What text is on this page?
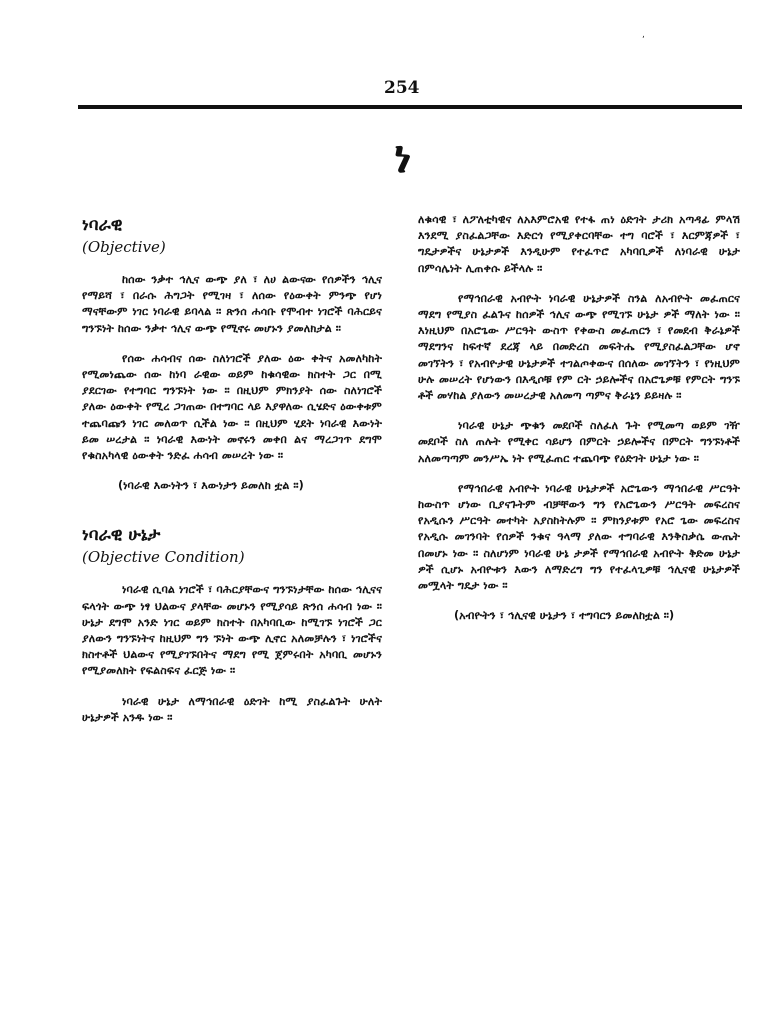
,
254
ነ
ነባራዊ

(Objective)

ከሰው ንቃተ ኅሊና ውጭ ያለ ፣ ለሀ ልውናው የሰዎችን ኅሊና የማይሻ ፣ በራሱ ሕግጋት የሚገዛ ፣ ለሰው የዕውቀት ምንጭ የሆነ ማናቸውም ነገር ነባራዊ ይባላል ። ጽንሰ ሐሳቡ የሞብተ ነገሮች ባሕርይና ግንኙነት ከሰው ንቃተ ኅሊና ውጭ የሚኖሩ መሆኑን ያመለክታል ።

የሰው ሐሳብና ሰው ስለነገሮች ያለው ዕው ቀትና አመለካከት የሚመነጨው ሰው ከነባ ራዊው ወይም ከቁሳዊው ክስተት ጋር በሚ ያደርገው የተግባር ግንኙነት ነው ። በዚህም ምክንያት ሰው ስለነገሮች ያለው ዕውቀት የሚረ ጋገጠው በተግባር ላይ እያዋለው ሲሄድና ዕውቀቱም ተጨባጩን ነገር መለወጥ ሲችል ነው ። በዚህም ሂደት ነባራዊ እውነት ይመ ሠረታል ። ነባራዊ እውነት መኖሩን መቀበ ልና ማረጋገጥ ደግሞ የቁስአካላዊ ዕውቀት ንድፈ ሐሳብ መሠረት ነው ።

(ነባራዊ እውነትን ፣ እውነታን ይመለከ ቷል ።)

ነባራዊ ሁኔታ

(Objective Condition)

ነባራዊ ሲባል ነገሮች ፣ ባሕርያቸውና ግንኙነታቸው ከሰው ኅሊናና ፍላጎት ውጭ ነፃ ህልውና ያላቸው መሆኑን የሚያሳይ ጽንሰ ሐሳብ ነው ። ሁኔታ ደግሞ አንድ ነገር ወይም ክስተት በአካባቢው ከሚገኙ ነገሮች ጋር ያለውን ግንኙነትና ከዚህም ግን ኙነት ውጭ ሊኖር አለመቻሉን ፣ ነገሮችና ክስተቶች ህልውና የሚያገኙበትና ማደግ የሚ ጀምሩበት አካባቢ መሆኑን የሚያመለክት የፍልስፍና ፈርጅ ነው ።

ነባራዊ ሁኔታ ለማኅበራዊ ዕድገት ከሚ ያስፈልጉት ሁለት ሁኔታዎች አንዱ ነው ።

ለቁሳዊ ፣ ለፖለቲካዊና ለአእምሮአዊ የተፋ ጠነ ዕድገት ታሪክ አጣዳፊ ምላሽ እንደሚ ያስፈልጋቸው እድርጎ የሚያቀርባቸው ተግ ባሮች ፣ እርምጃዎች ፣ ግዴታዎችና ሁኔታዎች እንዲሁም የተፈጥሮ አካባቢዎች ለነባራዊ ሁኔታ በምሳሌነት ሊጠቀሱ ይችላሉ ።

የማኅበራዊ አብዮት ነባራዊ ሁኔታዎች ስንል ለአብዮት መፈጠርና ማደግ የሚያስ ፈልጉና ከሰዎች ኅሊና ውጭ የሚገኙ ሁኔታ ዎች ማለት ነው ። እነዚህም በአሮጌው ሥርዓት ውስጥ የቀውስ መፈጠርን ፣ የመደብ ቅራኔዎች ማደግንና ከፍተኛ ደረጃ ላይ በመድረስ መፍትሔ የሚያስፈልጋቸው ሆኖ መገኘትን ፣ የአብዮታዊ ሁኔታዎች ተገልጦቀውና በሰለው መገኘትን ፣ የነዚህም ሁሉ መሠረት የሆነውን በእዲሶቹ የም ርት ኃይሎችና በአሮጌዎቹ የምርት ግንኙ ቶች መሃከል ያለውን መሠረታዊ አለመጣ ጣምና ቅራኔን ይይዛሉ ።

ነባራዊ ሁኔታ ጭቁን መደቦች ስለፈለ ጉት የሚመጣ ወይም ገዥ መደቦች ስለ ጠሉት የሚቀር ሳይሆን በምርት ኃይሎችና በምርት ግንኙነቶች አለመጣጣም መንሥኤ ነት የሚፈጠር ተጨባጭ የዕድገት ሁኔታ ነው ።

የማኅበራዊ አብዮት ነባራዊ ሁኔታዎች አሮጌውን ማኅበራዊ ሥርዓት ከውስጥ ሆነው ቢያናጉትም ብቻቸውን ግን የአሮጌውን ሥርዓት መፍረስና የአዲሱን ሥርዓት መተካት አያስከትሉም ። ምክንያቱም የአሮ ጌው መፍረስና የአዲሱ መገንባት የሰዎች ንቁና ዓላማ ያለው ተግባራዊ እንቅስቃሴ ውጤት በመሆኑ ነው ። ስለሆነም ነባራዊ ሁኔ ታዎች የማኅበራዊ አብዮት ቅድመ ሁኔታ ዎች ሲሆኑ አብዮቱን እውን ለማድረግ ግን የተፈላጊዎቹ ኅሊናዊ ሁኔታዎች መሟላት ግዴታ ነው ።

(አብዮትን ፣ ኅሊናዊ ሁኔታን ፣ ተግባርን ይመለከቷል ።)
